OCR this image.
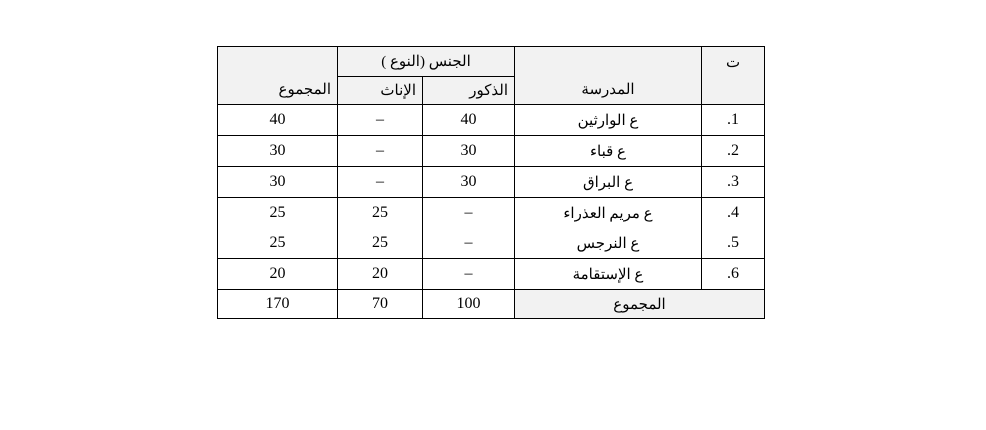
المجموع	الجنس (النوع )		المدرسة	ت
	الإناث	الذكور		
40	–	40	ع الوارثين	.1
30	–	30	ع قباء	.2
30	–	30	ع البراق	.3
25	25	–	ع مريم العذراء	.4
25	25	–	ع النرجس	.5
20	20	–	ع الإستقامة	.6
170	70	100	المجموع	
